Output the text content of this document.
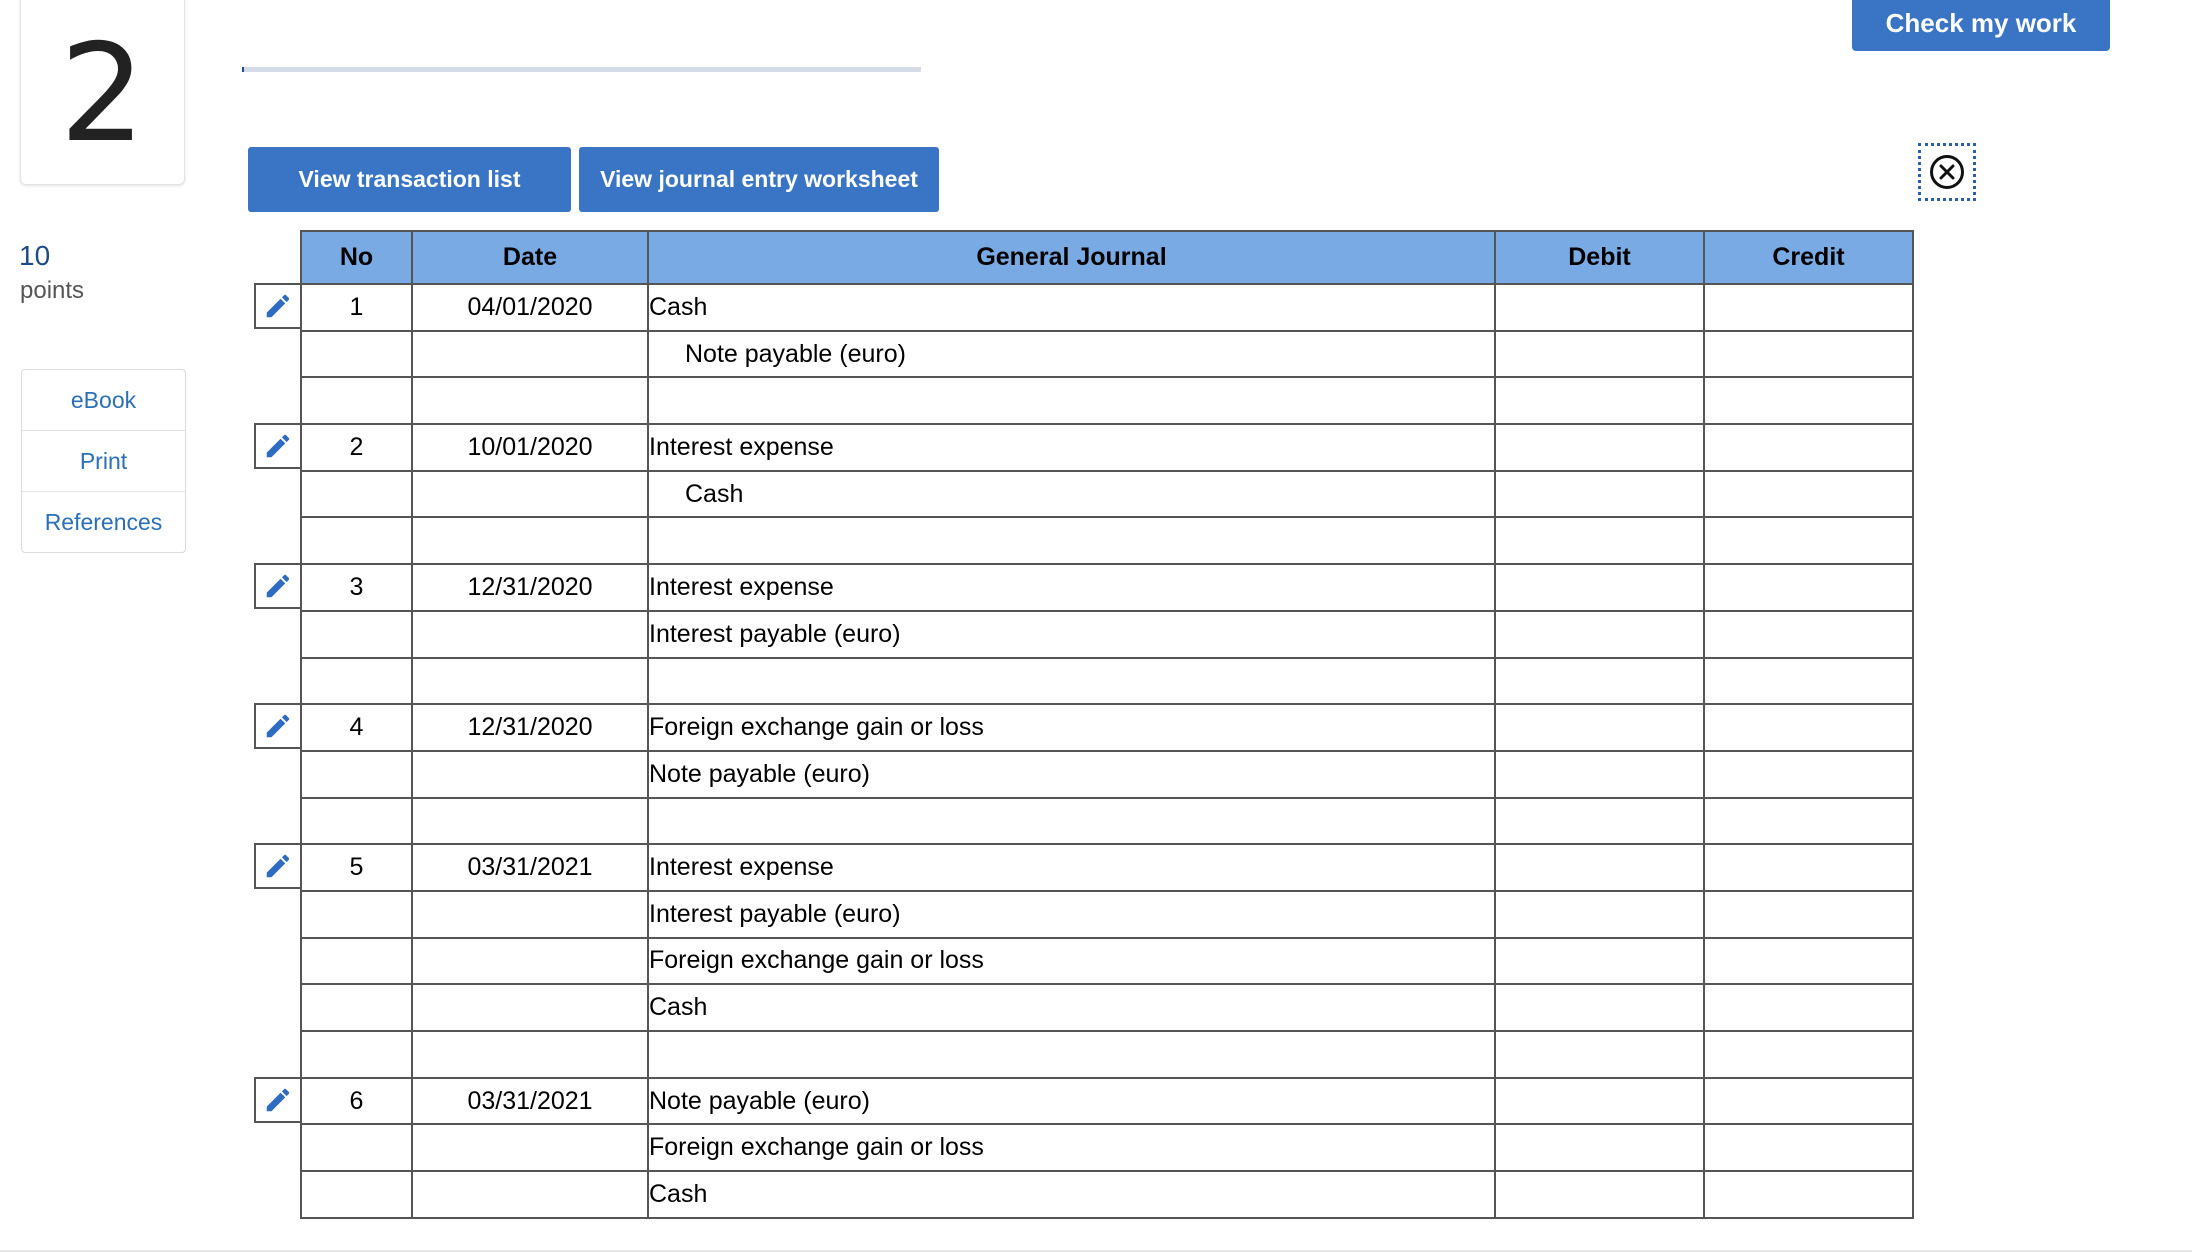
2
10
points
eBook
Print
References
Check my work
View transaction list	View journal entry worksheet
No	Date	General Journal	Debit	Credit
1	04/01/2020	Cash		
		Note payable (euro)		

2	10/01/2020	Interest expense		
		Cash		

3	12/31/2020	Interest expense		
		Interest payable (euro)		

4	12/31/2020	Foreign exchange gain or loss		
		Note payable (euro)		

5	03/31/2021	Interest expense		
		Interest payable (euro)		
		Foreign exchange gain or loss		
		Cash		

6	03/31/2021	Note payable (euro)		
		Foreign exchange gain or loss		
		Cash		
